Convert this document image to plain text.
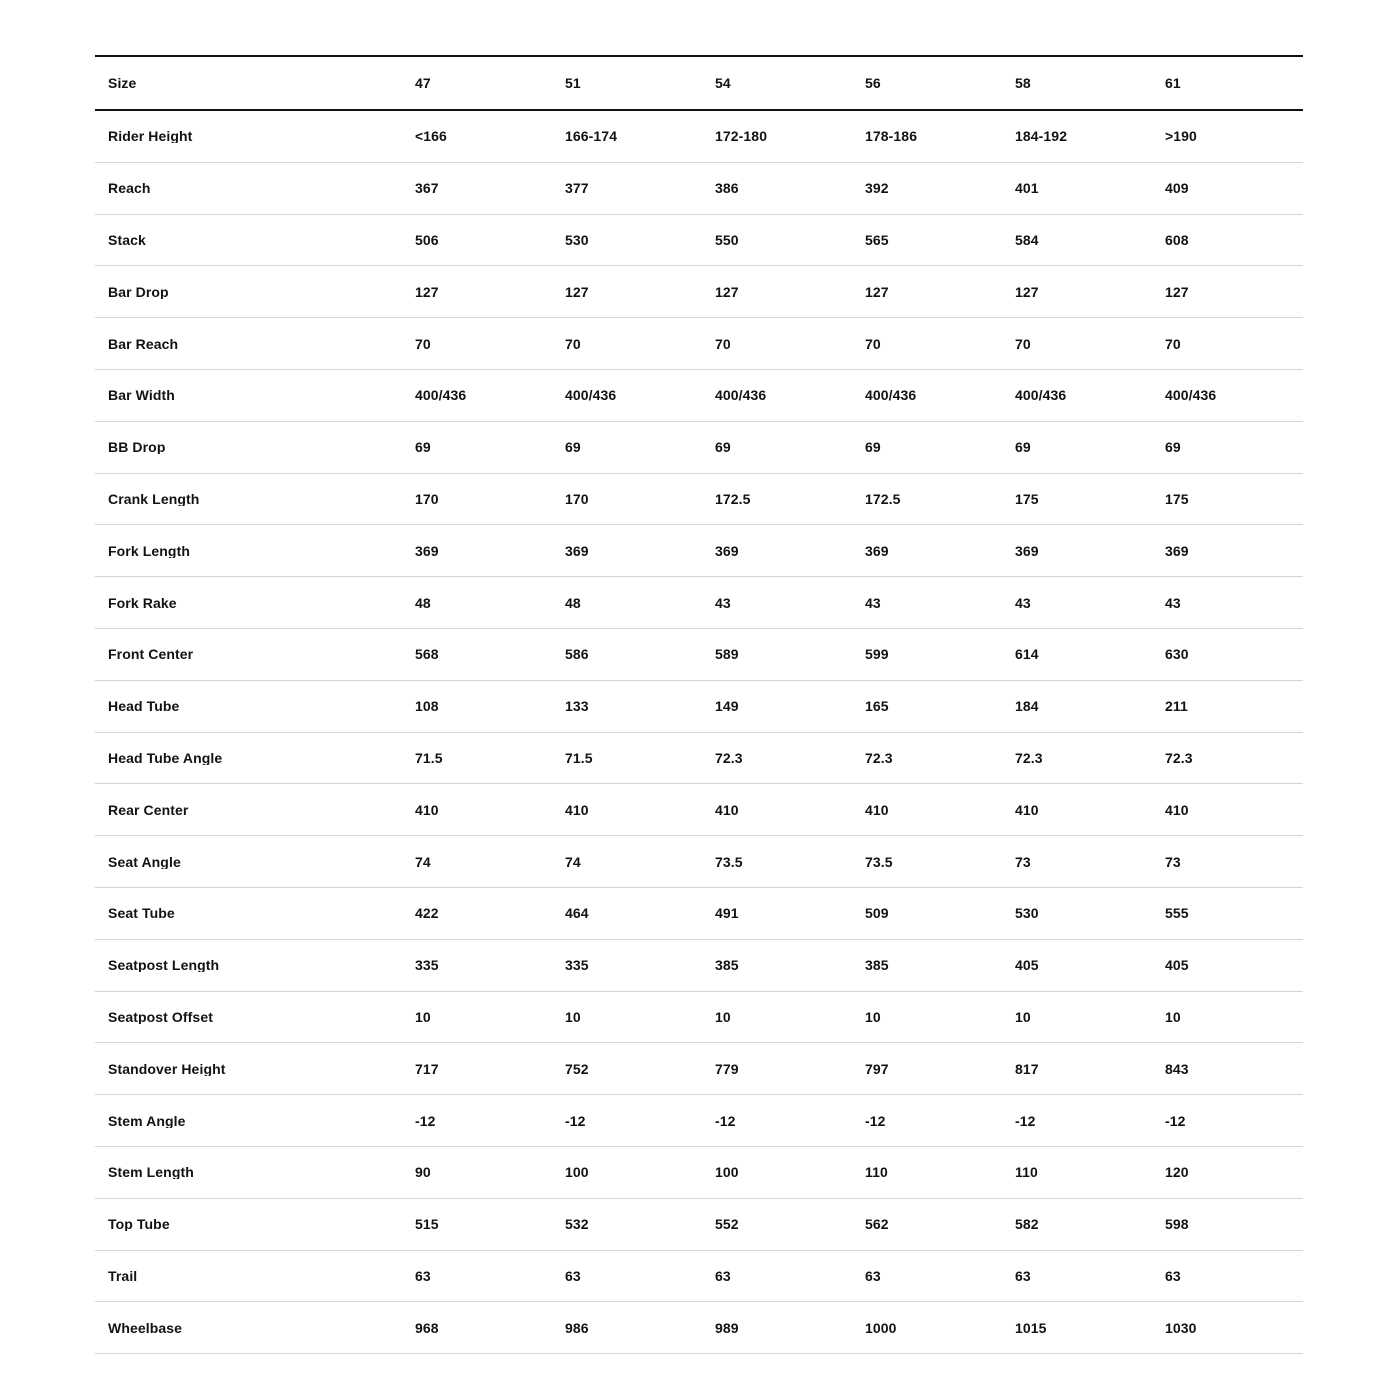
Size	47	51	54	56	58	61
Rider Height	<166	166-174	172-180	178-186	184-192	>190
Reach	367	377	386	392	401	409
Stack	506	530	550	565	584	608
Bar Drop	127	127	127	127	127	127
Bar Reach	70	70	70	70	70	70
Bar Width	400/436	400/436	400/436	400/436	400/436	400/436
BB Drop	69	69	69	69	69	69
Crank Length	170	170	172.5	172.5	175	175
Fork Length	369	369	369	369	369	369
Fork Rake	48	48	43	43	43	43
Front Center	568	586	589	599	614	630
Head Tube	108	133	149	165	184	211
Head Tube Angle	71.5	71.5	72.3	72.3	72.3	72.3
Rear Center	410	410	410	410	410	410
Seat Angle	74	74	73.5	73.5	73	73
Seat Tube	422	464	491	509	530	555
Seatpost Length	335	335	385	385	405	405
Seatpost Offset	10	10	10	10	10	10
Standover Height	717	752	779	797	817	843
Stem Angle	-12	-12	-12	-12	-12	-12
Stem Length	90	100	100	110	110	120
Top Tube	515	532	552	562	582	598
Trail	63	63	63	63	63	63
Wheelbase	968	986	989	1000	1015	1030
